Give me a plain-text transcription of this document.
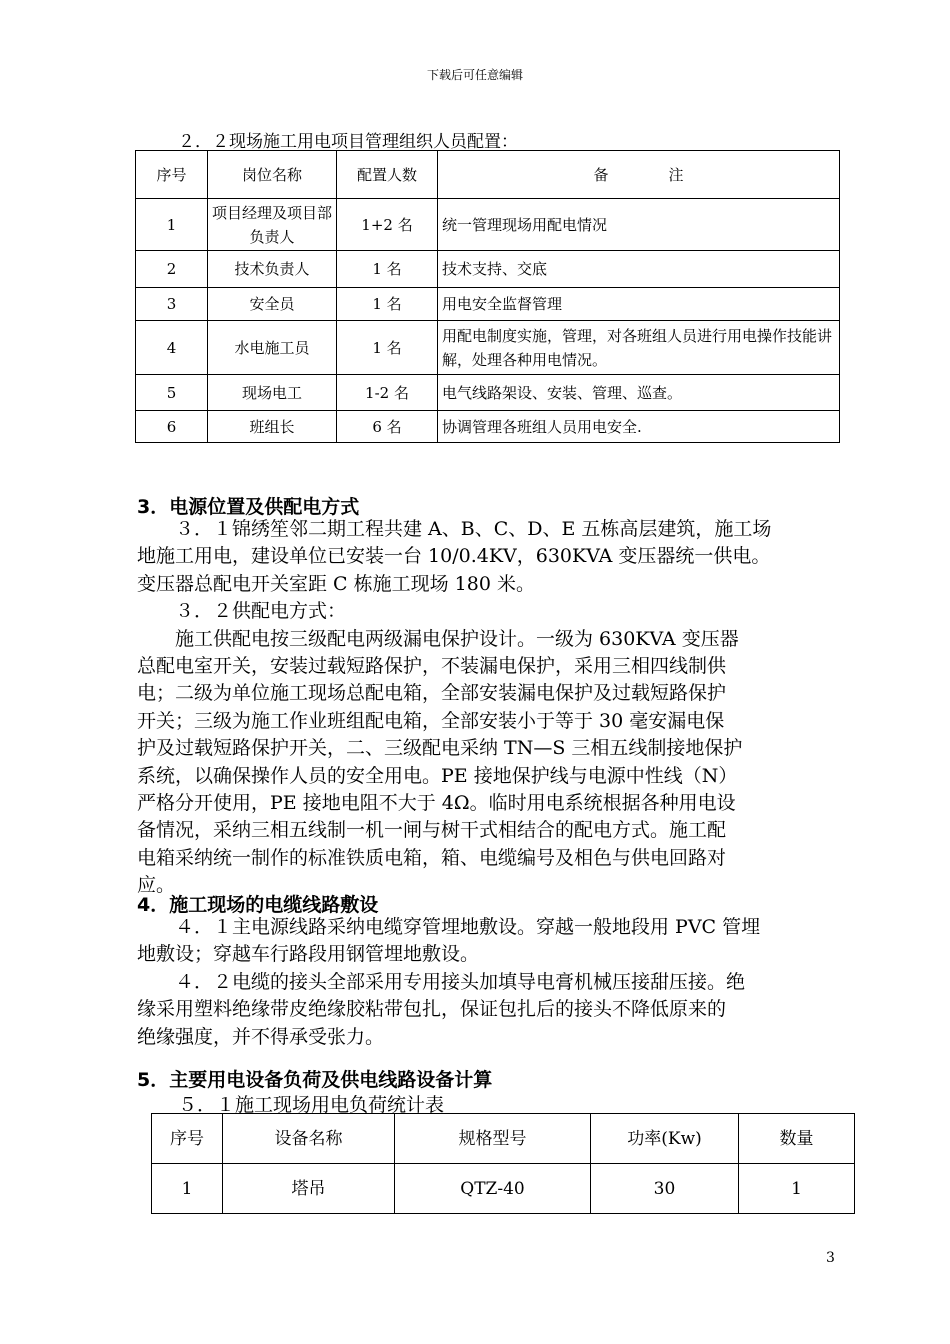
下载后可任意编辑
２．２现场施工用电项目管理组织人员配置：
序号	岗位名称	配置人数	备　　　　注
1	项目经理及项目部负责人	1+2 名	统一管理现场用配电情况
2	技术负责人	1 名	技术支持、交底
3	安全员	1 名	用电安全监督管理
4	水电施工员	1 名	用配电制度实施，管理，对各班组人员进行用电操作技能讲解，处理各种用电情况。
5	现场电工	1-2 名	电气线路架设、安装、管理、巡查。
6	班组长	6 名	协调管理各班组人员用电安全.
3．电源位置及供配电方式
　　３．１锦绣笙邻二期工程共建 A、B、C、D、E 五栋高层建筑，施工场
地施工用电，建设单位已安装一台 10/0.4KV，630KVA 变压器统一供电。
变压器总配电开关室距 C 栋施工现场 180 米。
　　３．２供配电方式：
　　施工供配电按三级配电两级漏电保护设计。一级为 630KVA 变压器
总配电室开关，安装过载短路保护，不装漏电保护，采用三相四线制供
电；二级为单位施工现场总配电箱，全部安装漏电保护及过载短路保护
开关；三级为施工作业班组配电箱，全部安装小于等于 30 毫安漏电保
护及过载短路保护开关，二、三级配电采纳 TN—S 三相五线制接地保护
系统，以确保操作人员的安全用电。PE 接地保护线与电源中性线（N）
严格分开使用，PE 接地电阻不大于 4Ω。临时用电系统根据各种用电设
备情况，采纳三相五线制一机一闸与树干式相结合的配电方式。施工配
电箱采纳统一制作的标准铁质电箱，箱、电缆编号及相色与供电回路对
应。
4．施工现场的电缆线路敷设
　　４．１主电源线路采纳电缆穿管埋地敷设。穿越一般地段用 PVC 管埋
地敷设；穿越车行路段用钢管埋地敷设。
　　４．２电缆的接头全部采用专用接头加填导电膏机械压接甜压接。绝
缘采用塑料绝缘带皮绝缘胶粘带包扎，保证包扎后的接头不降低原来的
绝缘强度，并不得承受张力。
5．主要用电设备负荷及供电线路设备计算
５．１施工现场用电负荷统计表
序号	设备名称	规格型号	功率(Kw)	数量
1	塔吊	QTZ-40	30	1
3
